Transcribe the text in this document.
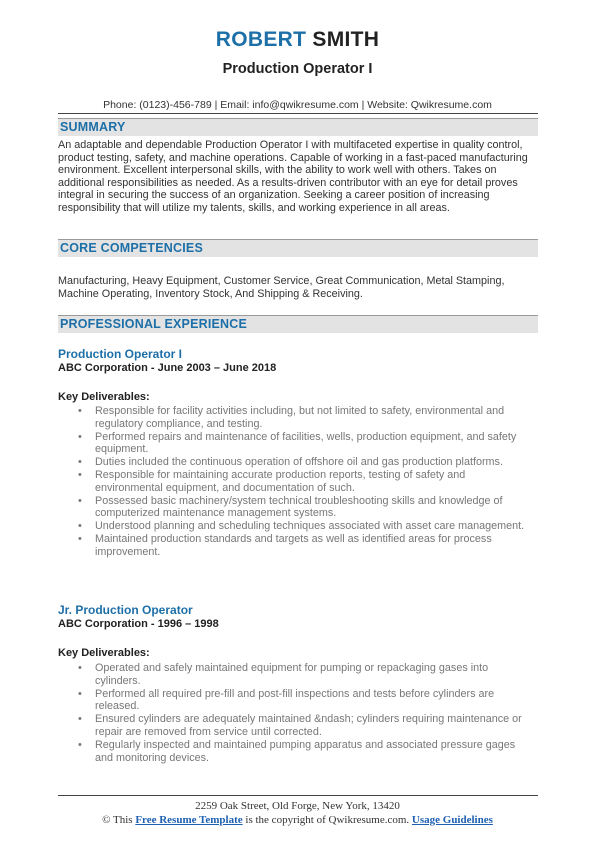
ROBERT SMITH
Production Operator I
Phone: (0123)-456-789 | Email: info@qwikresume.com | Website: Qwikresume.com
SUMMARY
An adaptable and dependable Production Operator I with multifaceted expertise in quality control,
product testing, safety, and machine operations. Capable of working in a fast-paced manufacturing
environment. Excellent interpersonal skills, with the ability to work well with others. Takes on
additional responsibilities as needed. As a results-driven contributor with an eye for detail proves
integral in securing the success of an organization. Seeking a career position of increasing
responsibility that will utilize my talents, skills, and working experience in all areas.
CORE COMPETENCIES
Manufacturing, Heavy Equipment, Customer Service, Great Communication, Metal Stamping,
Machine Operating, Inventory Stock, And Shipping & Receiving.
PROFESSIONAL EXPERIENCE
Production Operator I
ABC Corporation - June 2003 – June 2018
Key Deliverables:
• Responsible for facility activities including, but not limited to safety, environmental and
regulatory compliance, and testing.
• Performed repairs and maintenance of facilities, wells, production equipment, and safety
equipment.
• Duties included the continuous operation of offshore oil and gas production platforms.
• Responsible for maintaining accurate production reports, testing of safety and
environmental equipment, and documentation of such.
• Possessed basic machinery/system technical troubleshooting skills and knowledge of
computerized maintenance management systems.
• Understood planning and scheduling techniques associated with asset care management.
• Maintained production standards and targets as well as identified areas for process
improvement.
Jr. Production Operator
ABC Corporation - 1996 – 1998
Key Deliverables:
• Operated and safely maintained equipment for pumping or repackaging gases into
cylinders.
• Performed all required pre-fill and post-fill inspections and tests before cylinders are
released.
• Ensured cylinders are adequately maintained &ndash; cylinders requiring maintenance or
repair are removed from service until corrected.
• Regularly inspected and maintained pumping apparatus and associated pressure gages
and monitoring devices.
2259 Oak Street, Old Forge, New York, 13420
© This Free Resume Template is the copyright of Qwikresume.com. Usage Guidelines
